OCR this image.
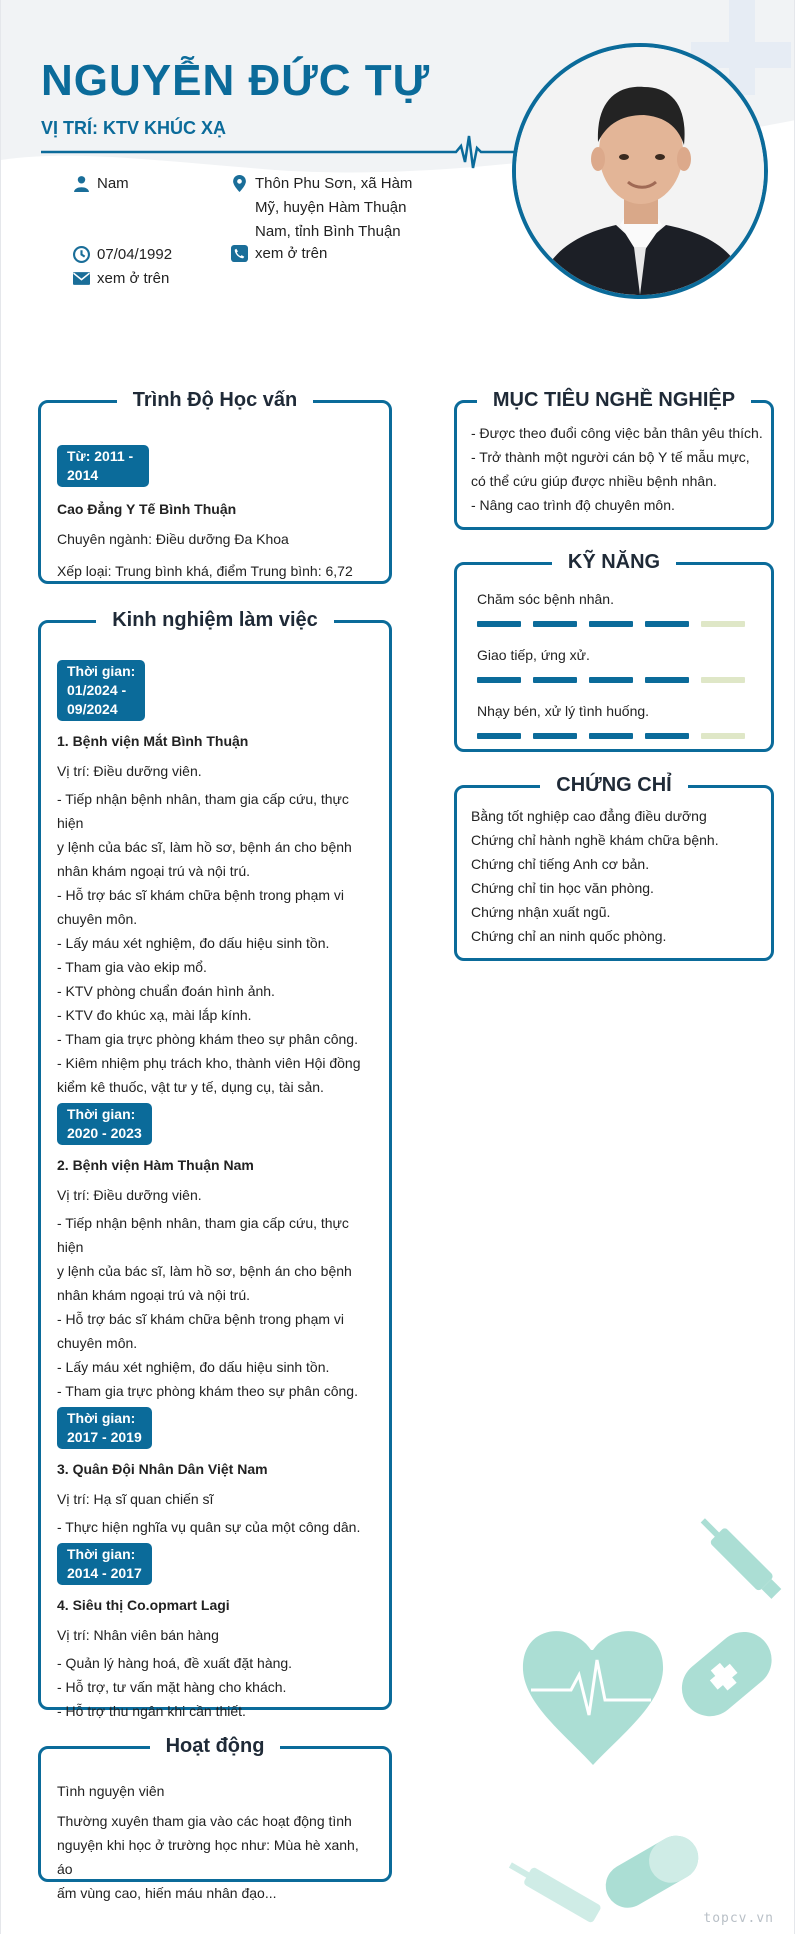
NGUYỄN ĐỨC TỰ
VỊ TRÍ: KTV KHÚC XẠ
Nam	Thôn Phu Sơn, xã Hàm
Mỹ, huyện Hàm Thuận
Nam, tỉnh Bình Thuận
07/04/1992	xem ở trên
xem ở trên
Trình Độ Học vấn
Từ: 2011 -
2014
Cao Đẳng Y Tế Bình Thuận
Chuyên ngành: Điều dưỡng Đa Khoa
Xếp loại: Trung bình khá, điểm Trung bình: 6,72
Kinh nghiệm làm việc
Thời gian:
01/2024 -
09/2024
1. Bệnh viện Mắt Bình Thuận
Vị trí: Điều dưỡng viên.
- Tiếp nhận bệnh nhân, tham gia cấp cứu, thực hiện
y lệnh của bác sĩ, làm hồ sơ, bệnh án cho bệnh
nhân khám ngoại trú và nội trú.
- Hỗ trợ bác sĩ khám chữa bệnh trong phạm vi
chuyên môn.
- Lấy máu xét nghiệm, đo dấu hiệu sinh tồn.
- Tham gia vào ekip mổ.
- KTV phòng chuẩn đoán hình ảnh.
- KTV đo khúc xạ, mài lắp kính.
- Tham gia trực phòng khám theo sự phân công.
- Kiêm nhiệm phụ trách kho, thành viên Hội đồng
kiểm kê thuốc, vật tư y tế, dụng cụ, tài sản.
Thời gian:
2020 - 2023
2. Bệnh viện Hàm Thuận Nam
Vị trí: Điều dưỡng viên.
- Tiếp nhận bệnh nhân, tham gia cấp cứu, thực hiện
y lệnh của bác sĩ, làm hồ sơ, bệnh án cho bệnh
nhân khám ngoại trú và nội trú.
- Hỗ trợ bác sĩ khám chữa bệnh trong phạm vi
chuyên môn.
- Lấy máu xét nghiệm, đo dấu hiệu sinh tồn.
- Tham gia trực phòng khám theo sự phân công.
Thời gian:
2017 - 2019
3. Quân Đội Nhân Dân Việt Nam
Vị trí: Hạ sĩ quan chiến sĩ
- Thực hiện nghĩa vụ quân sự của một công dân.
Thời gian:
2014 - 2017
4. Siêu thị Co.opmart Lagi
Vị trí: Nhân viên bán hàng
- Quản lý hàng hoá, đề xuất đặt hàng.
- Hỗ trợ, tư vấn mặt hàng cho khách.
- Hỗ trợ thu ngân khi cần thiết.
Hoạt động
Tình nguyện viên
Thường xuyên tham gia vào các hoạt động tình
nguyện khi học ở trường học như: Mùa hè xanh, áo
ấm vùng cao, hiến máu nhân đạo...
MỤC TIÊU NGHỀ NGHIỆP
- Được theo đuổi công việc bản thân yêu thích.
- Trở thành một người cán bộ Y tế mẫu mực,
có thể cứu giúp được nhiều bệnh nhân.
- Nâng cao trình độ chuyên môn.
KỸ NĂNG
Chăm sóc bệnh nhân.
Giao tiếp, ứng xử.
Nhạy bén, xử lý tình huống.
CHỨNG CHỈ
Bằng tốt nghiệp cao đẳng điều dưỡng
Chứng chỉ hành nghề khám chữa bệnh.
Chứng chỉ tiếng Anh cơ bản.
Chứng chỉ tin học văn phòng.
Chứng nhận xuất ngũ.
Chứng chỉ an ninh quốc phòng.
topcv.vn
